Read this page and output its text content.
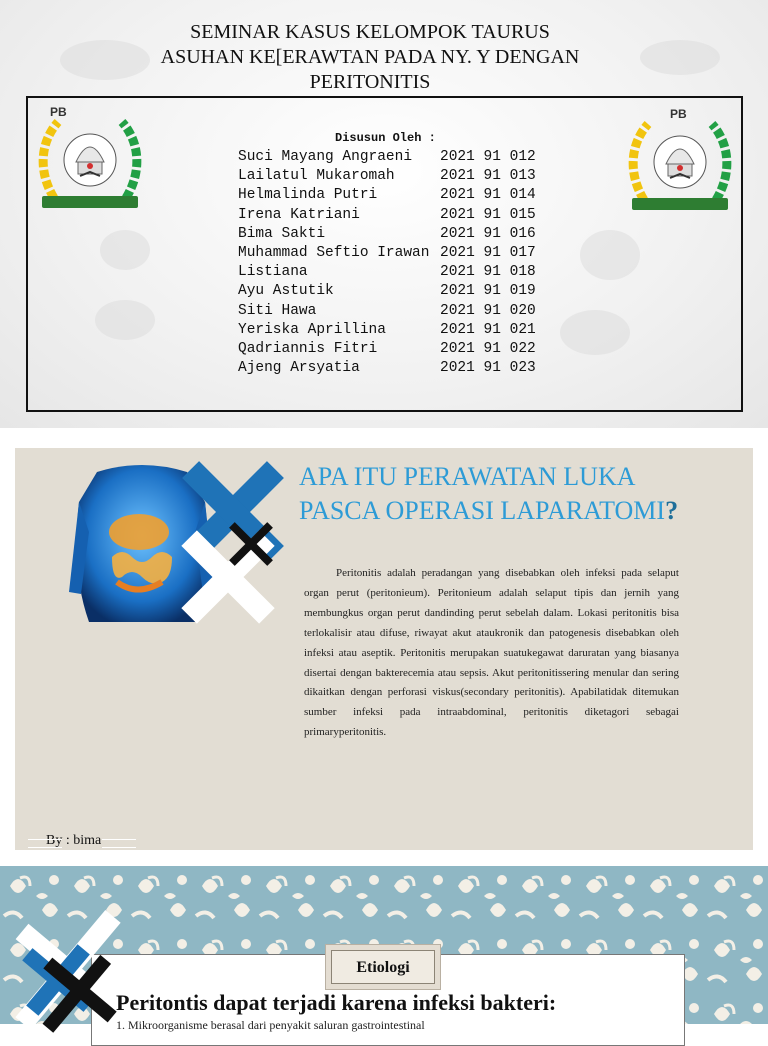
SEMINAR KASUS KELOMPOK TAURUS
ASUHAN KE[ERAWTAN PADA NY. Y DENGAN
PERITONITIS
PB	PB
Disusun Oleh :
Suci Mayang Angraeni 2021 91 012
Lailatul Mukaromah	2021 91 013
Helmalinda Putri	2021 91 014
Irena Katriani	2021 91 015
Bima Sakti	2021 91 016
Muhammad Seftio Irawan 2021 91 017
Listiana	2021 91 018
Ayu Astutik	2021 91 019
Siti Hawa	2021 91 020
Yeriska Aprillina	2021 91 021
Qadriannis Fitri	2021 91 022
Ajeng Arsyatia	2021 91 023
APA ITU PERAWATAN LUKA PASCA OPERASI LAPARATOMI?

Peritonitis adalah peradangan yang disebabkan oleh infeksi pada selaput organ perut (peritonieum). Peritonieum adalah selaput tipis dan jernih yang membungkus organ perut dandinding perut sebelah dalam. Lokasi peritonitis bisa terlokalisir atau difuse, riwayat akut ataukronik dan patogenesis disebabkan oleh infeksi atau aseptik. Peritonitis merupakan suatukegawat daruratan yang biasanya disertai dengan bakterecemia atau sepsis. Akut peritonitissering menular dan sering dikaitkan dengan perforasi viskus(secondary peritonitis). Apabilatidak ditemukan sumber infeksi pada intraabdominal, peritonitis diketagori sebagai primaryperitonitis.

By : bima
Etiologi
Peritontis dapat terjadi karena infeksi bakteri:
1. Mikroorganisme berasal dari penyakit saluran gastrointestinal
